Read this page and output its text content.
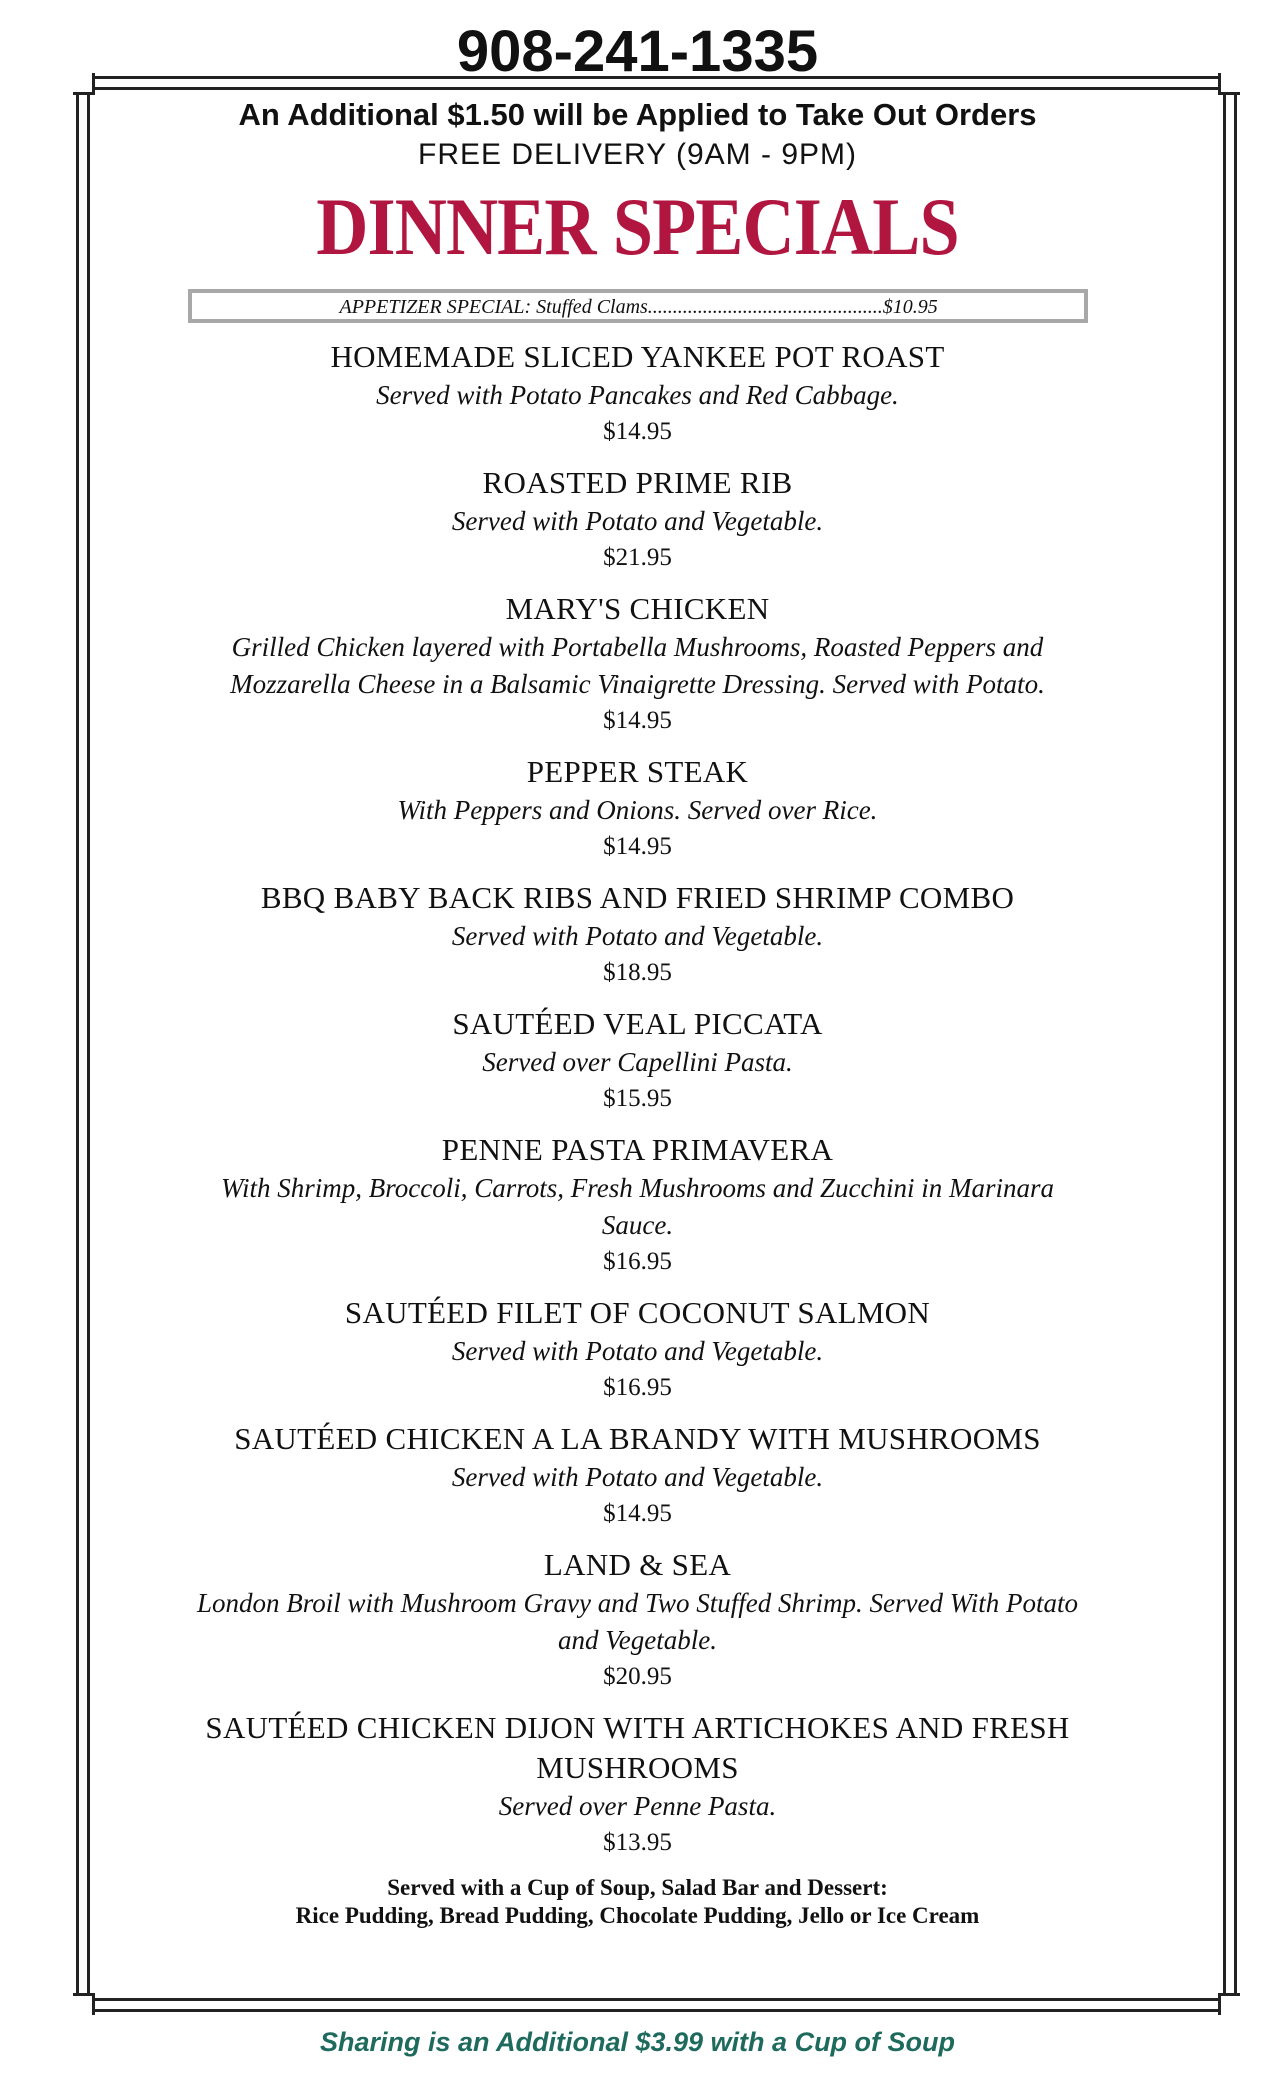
908-241-1335

An Additional $1.50 will be Applied to Take Out Orders

FREE DELIVERY (9AM - 9PM)

DINNER SPECIALS
APPETIZER SPECIAL: Stuffed Clams...............................................$10.95

HOMEMADE SLICED YANKEE POT ROAST

Served with Potato Pancakes and Red Cabbage.

$14.95

ROASTED PRIME RIB

Served with Potato and Vegetable.

$21.95

MARY'S CHICKEN

Grilled Chicken layered with Portabella Mushrooms, Roasted Peppers and Mozzarella Cheese in a Balsamic Vinaigrette Dressing. Served with Potato.

$14.95

PEPPER STEAK

With Peppers and Onions. Served over Rice.

$14.95

BBQ BABY BACK RIBS AND FRIED SHRIMP COMBO

Served with Potato and Vegetable.

$18.95

SAUTÉED VEAL PICCATA

Served over Capellini Pasta.

$15.95

PENNE PASTA PRIMAVERA

With Shrimp, Broccoli, Carrots, Fresh Mushrooms and Zucchini in Marinara Sauce.

$16.95

SAUTÉED FILET OF COCONUT SALMON

Served with Potato and Vegetable.

$16.95

SAUTÉED CHICKEN A LA BRANDY WITH MUSHROOMS

Served with Potato and Vegetable.

$14.95

LAND & SEA

London Broil with Mushroom Gravy and Two Stuffed Shrimp. Served With Potato and Vegetable.

$20.95

SAUTÉED CHICKEN DIJON WITH ARTICHOKES AND FRESH MUSHROOMS

Served over Penne Pasta.

$13.95

Served with a Cup of Soup, Salad Bar and Dessert:

Rice Pudding, Bread Pudding, Chocolate Pudding, Jello or Ice Cream

Sharing is an Additional $3.99 with a Cup of Soup
